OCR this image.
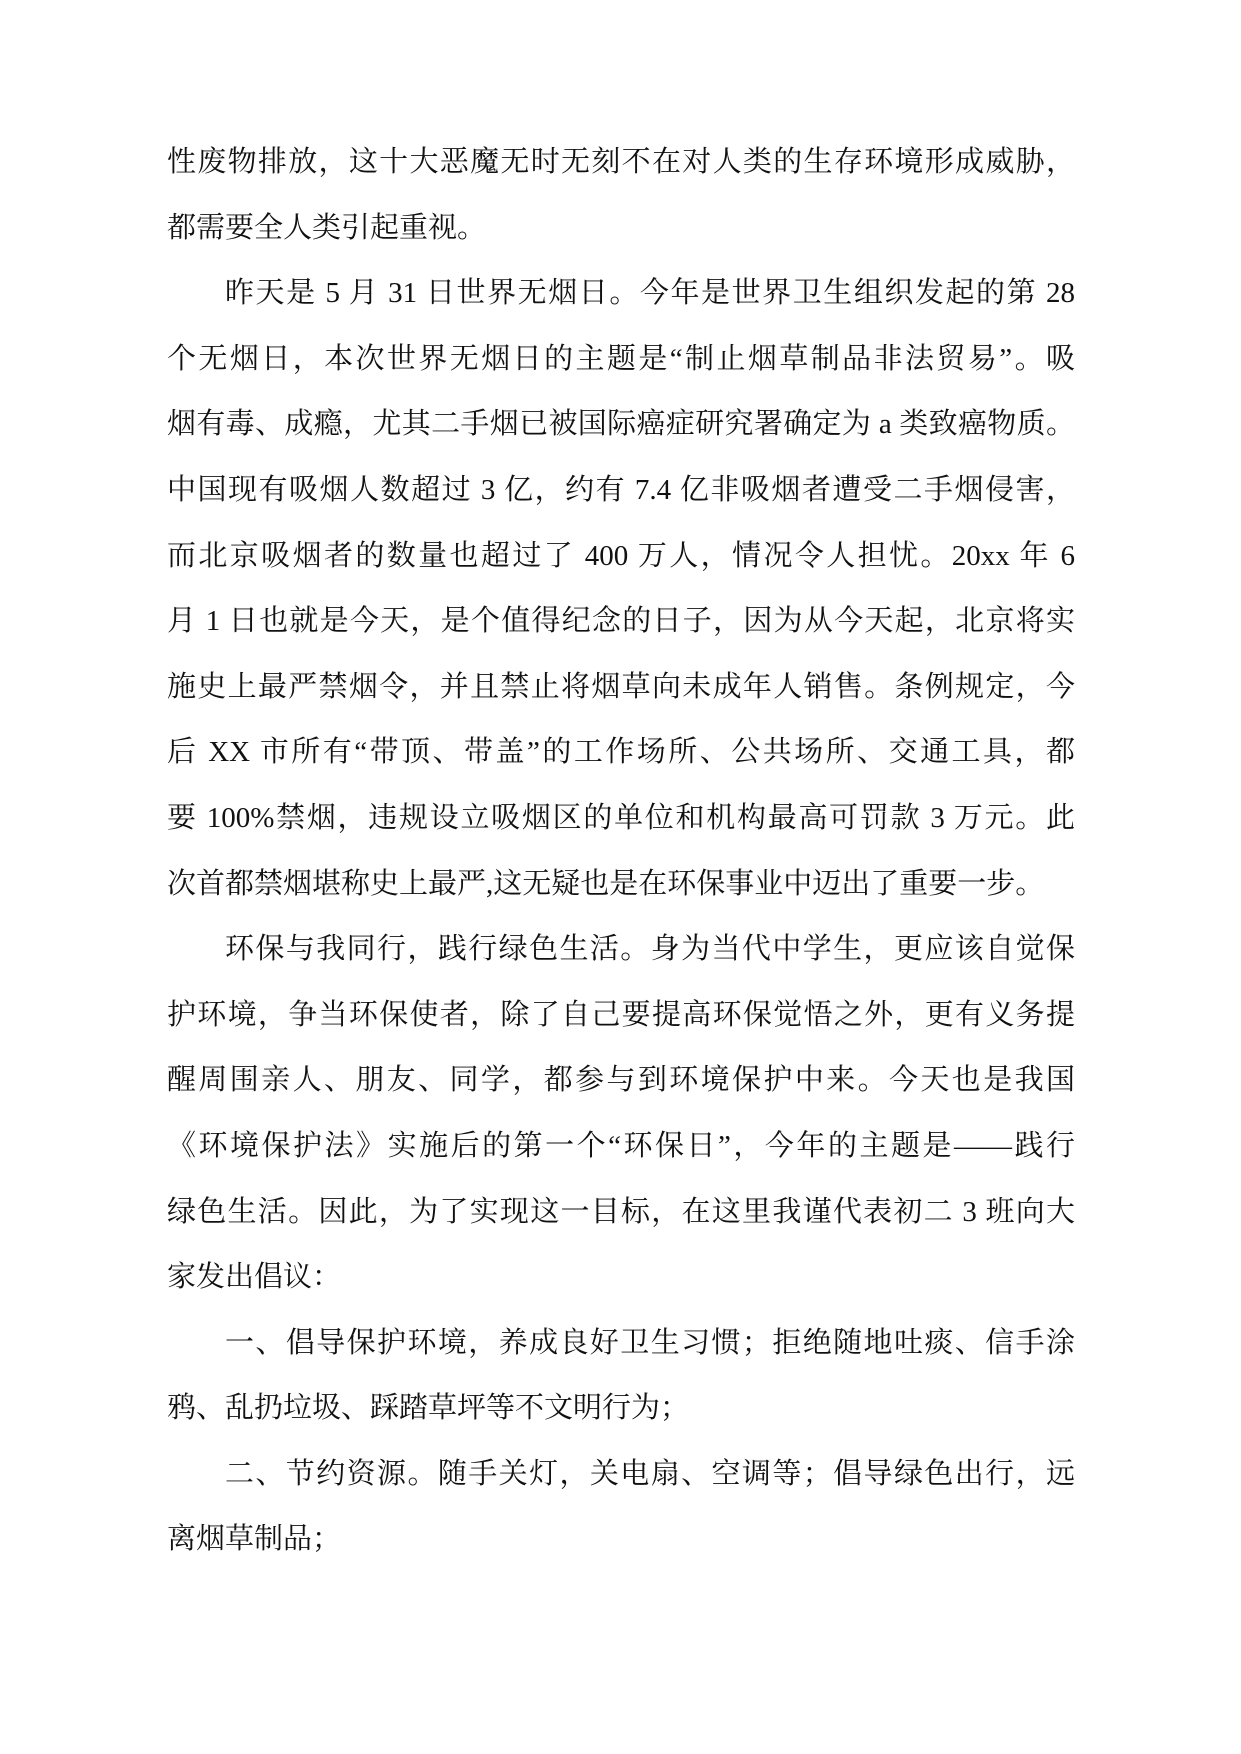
性废物排放，这十大恶魔无时无刻不在对人类的生存环境形成威胁，
都需要全人类引起重视。
昨天是 5 月 31 日世界无烟日。今年是世界卫生组织发起的第 28
个无烟日，本次世界无烟日的主题是“制止烟草制品非法贸易”。吸
烟有毒、成瘾，尤其二手烟已被国际癌症研究署确定为 a 类致癌物质。
中国现有吸烟人数超过 3 亿，约有 7.4 亿非吸烟者遭受二手烟侵害，
而北京吸烟者的数量也超过了 400 万人，情况令人担忧。20xx 年 6
月 1 日也就是今天，是个值得纪念的日子，因为从今天起，北京将实
施史上最严禁烟令，并且禁止将烟草向未成年人销售。条例规定，今
后 XX 市所有“带顶、带盖”的工作场所、公共场所、交通工具，都
要 100%禁烟，违规设立吸烟区的单位和机构最高可罚款 3 万元。此
次首都禁烟堪称史上最严,这无疑也是在环保事业中迈出了重要一步。
环保与我同行，践行绿色生活。身为当代中学生，更应该自觉保
护环境，争当环保使者，除了自己要提高环保觉悟之外，更有义务提
醒周围亲人、朋友、同学，都参与到环境保护中来。今天也是我国
《环境保护法》实施后的第一个“环保日”，今年的主题是——践行
绿色生活。因此，为了实现这一目标，在这里我谨代表初二 3 班向大
家发出倡议：
一、倡导保护环境，养成良好卫生习惯；拒绝随地吐痰、信手涂
鸦、乱扔垃圾、踩踏草坪等不文明行为；
二、节约资源。随手关灯，关电扇、空调等；倡导绿色出行，远
离烟草制品；
